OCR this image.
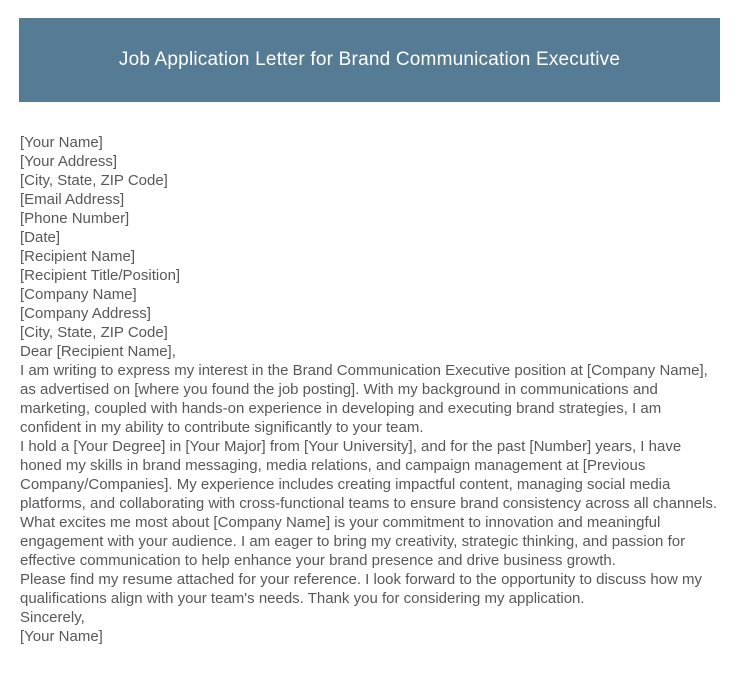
Job Application Letter for Brand Communication Executive
[Your Name]
[Your Address]
[City, State, ZIP Code]
[Email Address]
[Phone Number]
[Date]
[Recipient Name]
[Recipient Title/Position]
[Company Name]
[Company Address]
[City, State, ZIP Code]
Dear [Recipient Name],

I am writing to express my interest in the Brand Communication Executive position at [Company Name], as advertised on [where you found the job posting]. With my background in communications and marketing, coupled with hands-on experience in developing and executing brand strategies, I am confident in my ability to contribute significantly to your team.

I hold a [Your Degree] in [Your Major] from [Your University], and for the past [Number] years, I have honed my skills in brand messaging, media relations, and campaign management at [Previous Company/Companies]. My experience includes creating impactful content, managing social media platforms, and collaborating with cross-functional teams to ensure brand consistency across all channels.

What excites me most about [Company Name] is your commitment to innovation and meaningful engagement with your audience. I am eager to bring my creativity, strategic thinking, and passion for effective communication to help enhance your brand presence and drive business growth.

Please find my resume attached for your reference. I look forward to the opportunity to discuss how my qualifications align with your team's needs. Thank you for considering my application.

Sincerely,
[Your Name]
